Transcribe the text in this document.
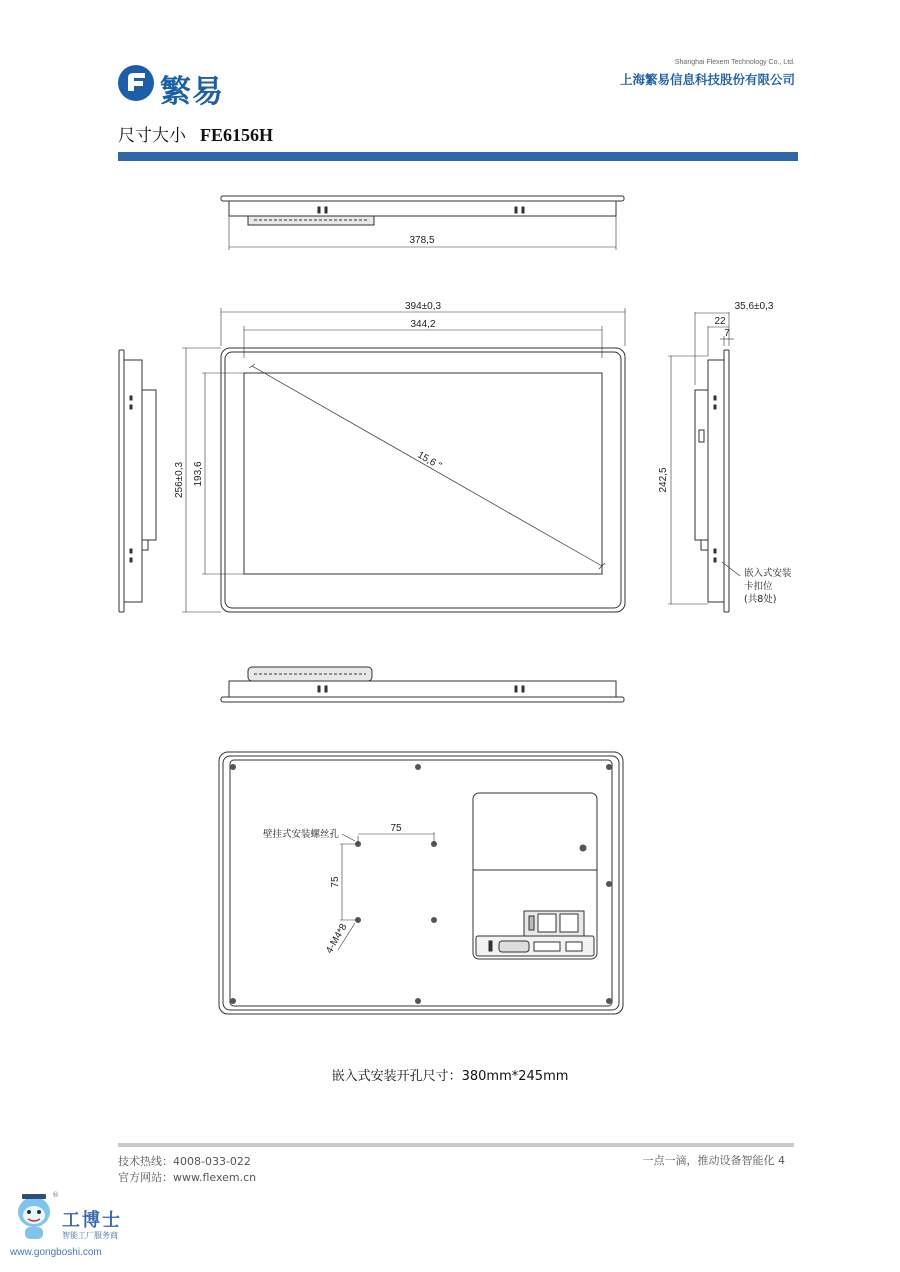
繁易
Shanghai Flexem Technology Co., Ltd.
上海繁易信息科技股份有限公司
尺寸大小 FE6156H
378,5
394±0,3
344,2
35,6±0,3
22
7
256±0,3 193,6	242,5
15,6 "
嵌入式安装
卡扣位
(共8处)
壁挂式安装螺丝孔
75
75
4-M4*8
嵌入式安装开孔尺寸：380mm*245mm
技术热线：4008-033-022
官方网站：www.flexem.cn
一点一滴，推动设备智能化 4
®
工博士
智能工厂服务商
www.gongboshi.com
